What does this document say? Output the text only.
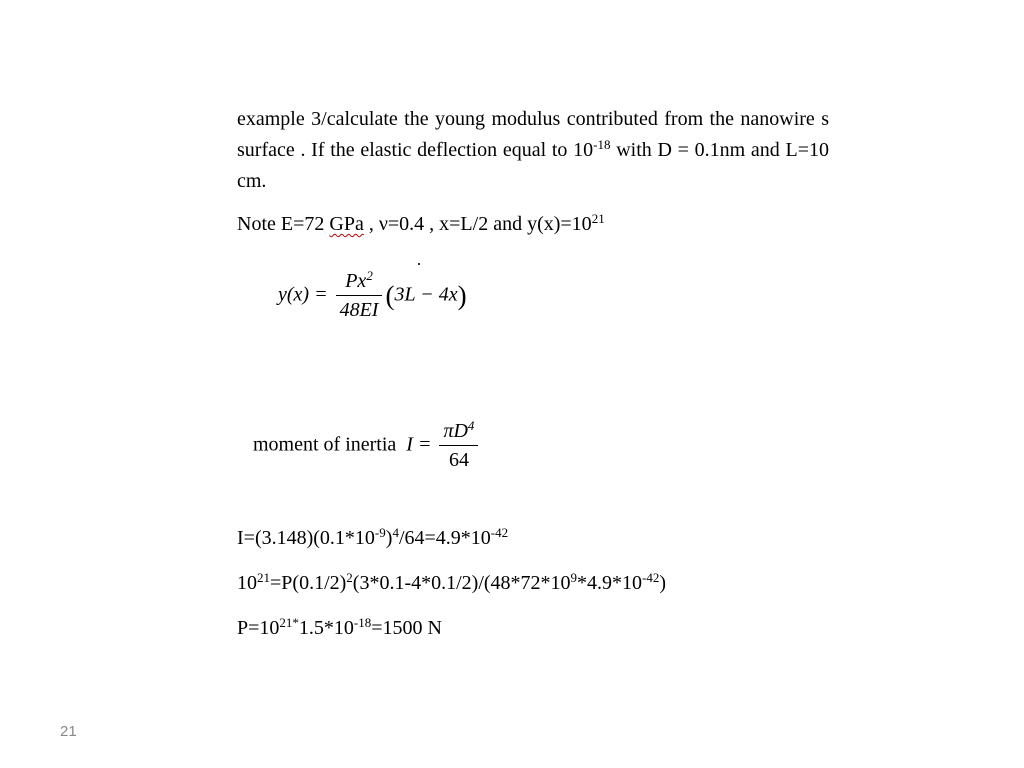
example 3/calculate the young modulus contributed from the nanowire s surface . If the elastic deflection equal to $10^{-18}$ with D = 0.1nm and L=10 cm.
Note E=72 GPa , ν=0.4 , x=L/2 and $y(x)=10^{21}$
$y(x) = \frac{Px^2}{48EI} (3L - 4x)$
moment of inertia $I = \frac{\pi D^4}{64}$
$I=(3.148)(0.1*10^{-9})^4/64=4.9*10^{-42}$
$10^{21}=P(0.1/2)^2(3*0.1-4*0.1/2)/(48*72*10^9*4.9*10^{-42})$
$P=10^{21*}1.5*10^{-18}=1500$ N
21
